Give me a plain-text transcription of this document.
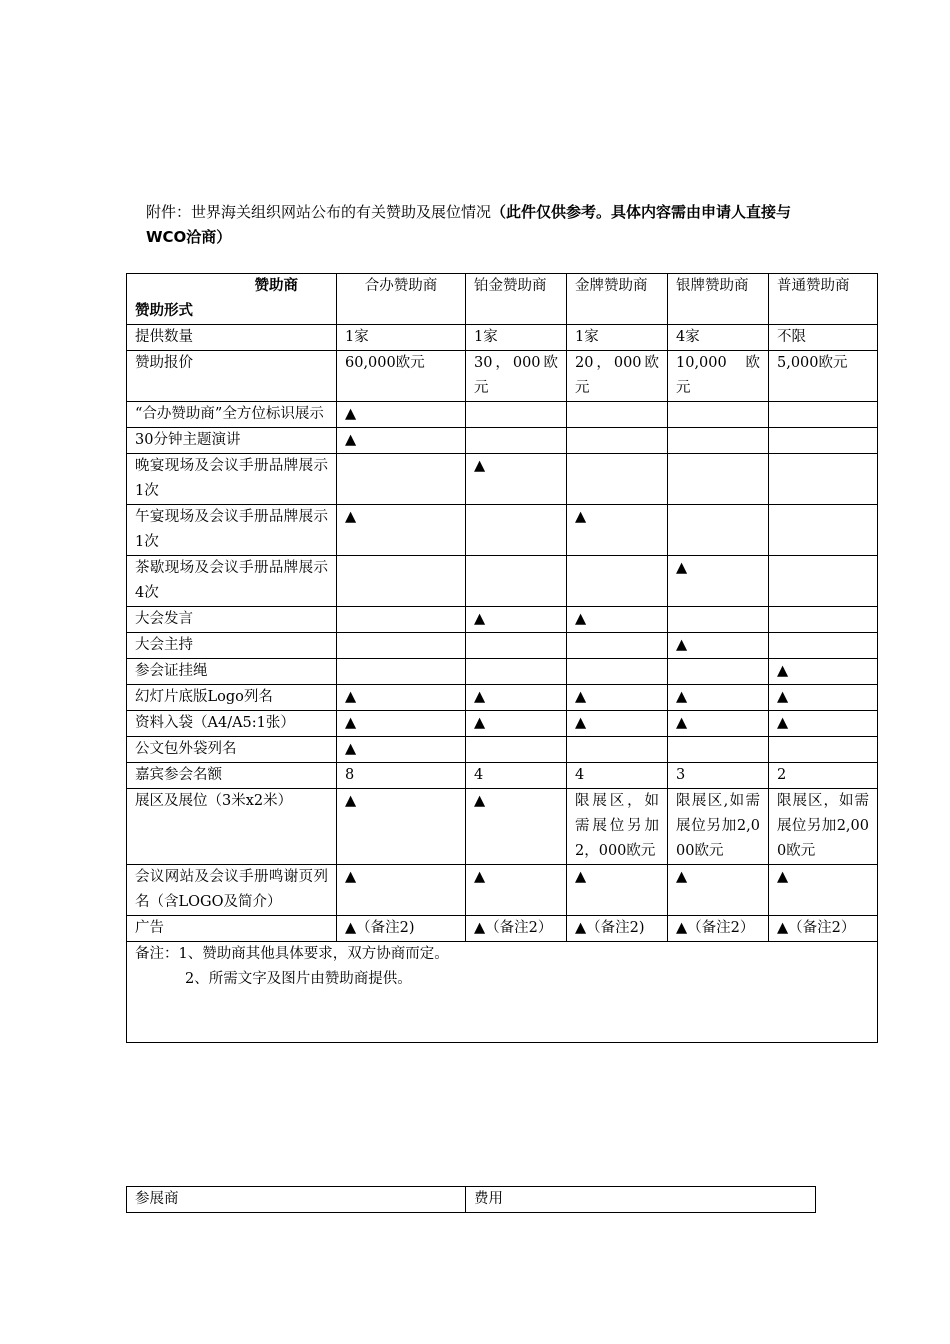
附件：世界海关组织网站公布的有关赞助及展位情况（此件仅供参考。具体内容需由申请人直接与WCO洽商）
赞助商
赞助形式	合办赞助商	铂金赞助商	金牌赞助商	银牌赞助商	普通赞助商
提供数量	1家	1家	1家	4家	不限
赞助报价	60,000欧元	30，000欧元	20，000欧元	10,000 欧元	5,000欧元
“合办赞助商”全方位标识展示	▲				
30分钟主题演讲	▲				
晚宴现场及会议手册品牌展示 1次		▲			
午宴现场及会议手册品牌展示 1次	▲		▲		
茶歇现场及会议手册品牌展示 4次				▲	
大会发言		▲	▲		
大会主持				▲	
参会证挂绳					▲
幻灯片底版Logo列名	▲	▲	▲	▲	▲
资料入袋（A4/A5:1张）	▲	▲	▲	▲	▲
公文包外袋列名	▲				
嘉宾参会名额	8	4	4	3	2
展区及展位（3米x2米）	▲	▲	限展区，如需展位另加2，000欧元	限展区,如需展位另加2,000欧元	限展区，如需展位另加2,000欧元
会议网站及会议手册鸣谢页列名（含LOGO及简介）	▲	▲	▲	▲	▲
广告	▲（备注2)	▲（备注2）	▲（备注2)	▲（备注2）	▲（备注2）

备注：1、赞助商其他具体要求，双方协商而定。
2、所需文字及图片由赞助商提供。					
参展商	费用
